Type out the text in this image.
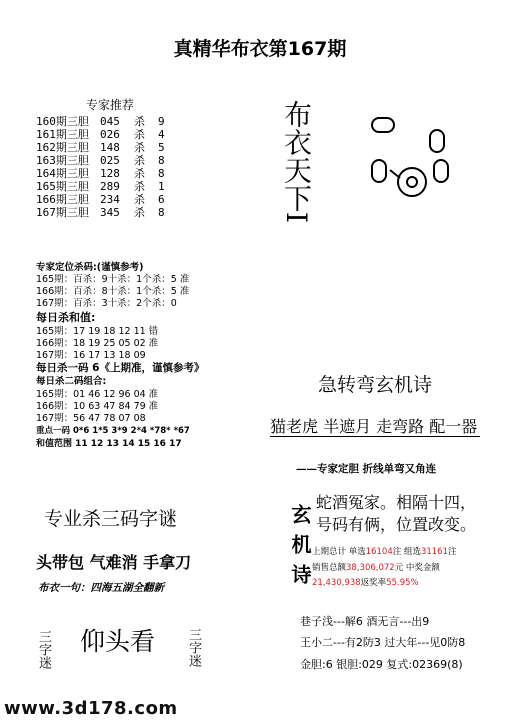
真精华布衣第167期
专家推荐
160期三胆 045 杀 9
161期三胆 026 杀 4
162期三胆 148 杀 5
163期三胆 025 杀 8
164期三胆 128 杀 8
165期三胆 289 杀 1
166期三胆 234 杀 6
167期三胆 345 杀 8	布衣天下I
专家定位杀码:(谨慎参考)
165期：百杀：9十杀：1个杀：5 准
166期：百杀：8十杀：1个杀：5 准
167期：百杀：3十杀：2个杀：0
每日杀和值:
165期：17 19 18 12 11 错
166期：18 19 25 05 02 准
167期：16 17 13 18 09
每日杀一码 6《上期准，谨慎参考》
每日杀二码组合:
165期：01 46 12 96 04 准
166期：10 63 47 84 79 准
167期：56 47 78 07 08
重点一码 0*6 1*5 3*9 2*4 *78* *67
和值范围 11 12 13 14 15 16 17
专业杀三码字谜
头带包 气难消 手拿刀
布衣一句：四海五湖全翻新
三字迷 仰头看 三字迷
急转弯玄机诗
猫老虎 半遮月 走弯路 配一器
——专家定胆 折线单弯又角连
玄机诗
蛇酒冤家。相隔十四，
号码有俩，位置改变。
上期总计 单选16104注 组选31161注
销售总额38,306,072元 中奖金额
21,430,938返奖率55.95%
巷子浅---解6 酒无言---出9
王小二---有2防3 过大年---见0防8
金胆:6 银胆:029 复式:02369(8)
www.3d178.com
